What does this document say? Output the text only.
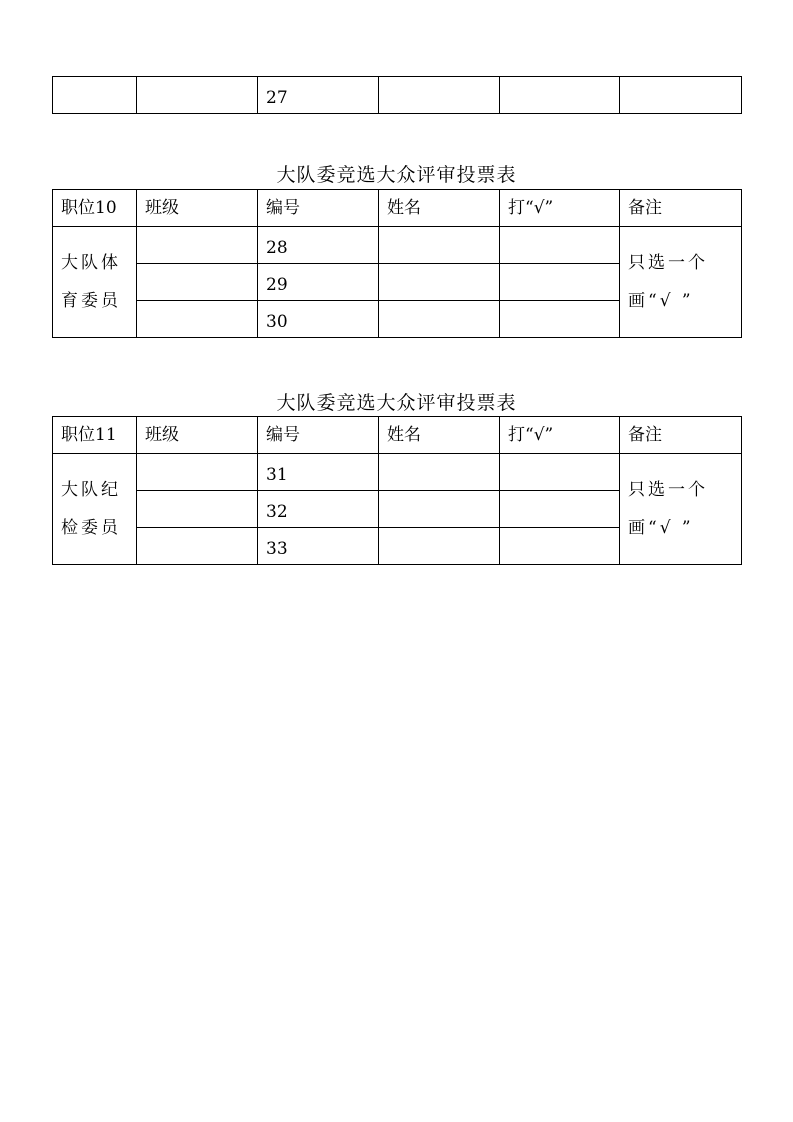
		27			
大队委竞选大众评审投票表
职位10	班级	编号	姓名	打“√”	备注
大队体育委员		28			只选一个画“√ ”
		29			
		30			
大队委竞选大众评审投票表
职位11	班级	编号	姓名	打“√”	备注
大队纪检委员		31			只选一个画“√ ”
		32			
		33			
